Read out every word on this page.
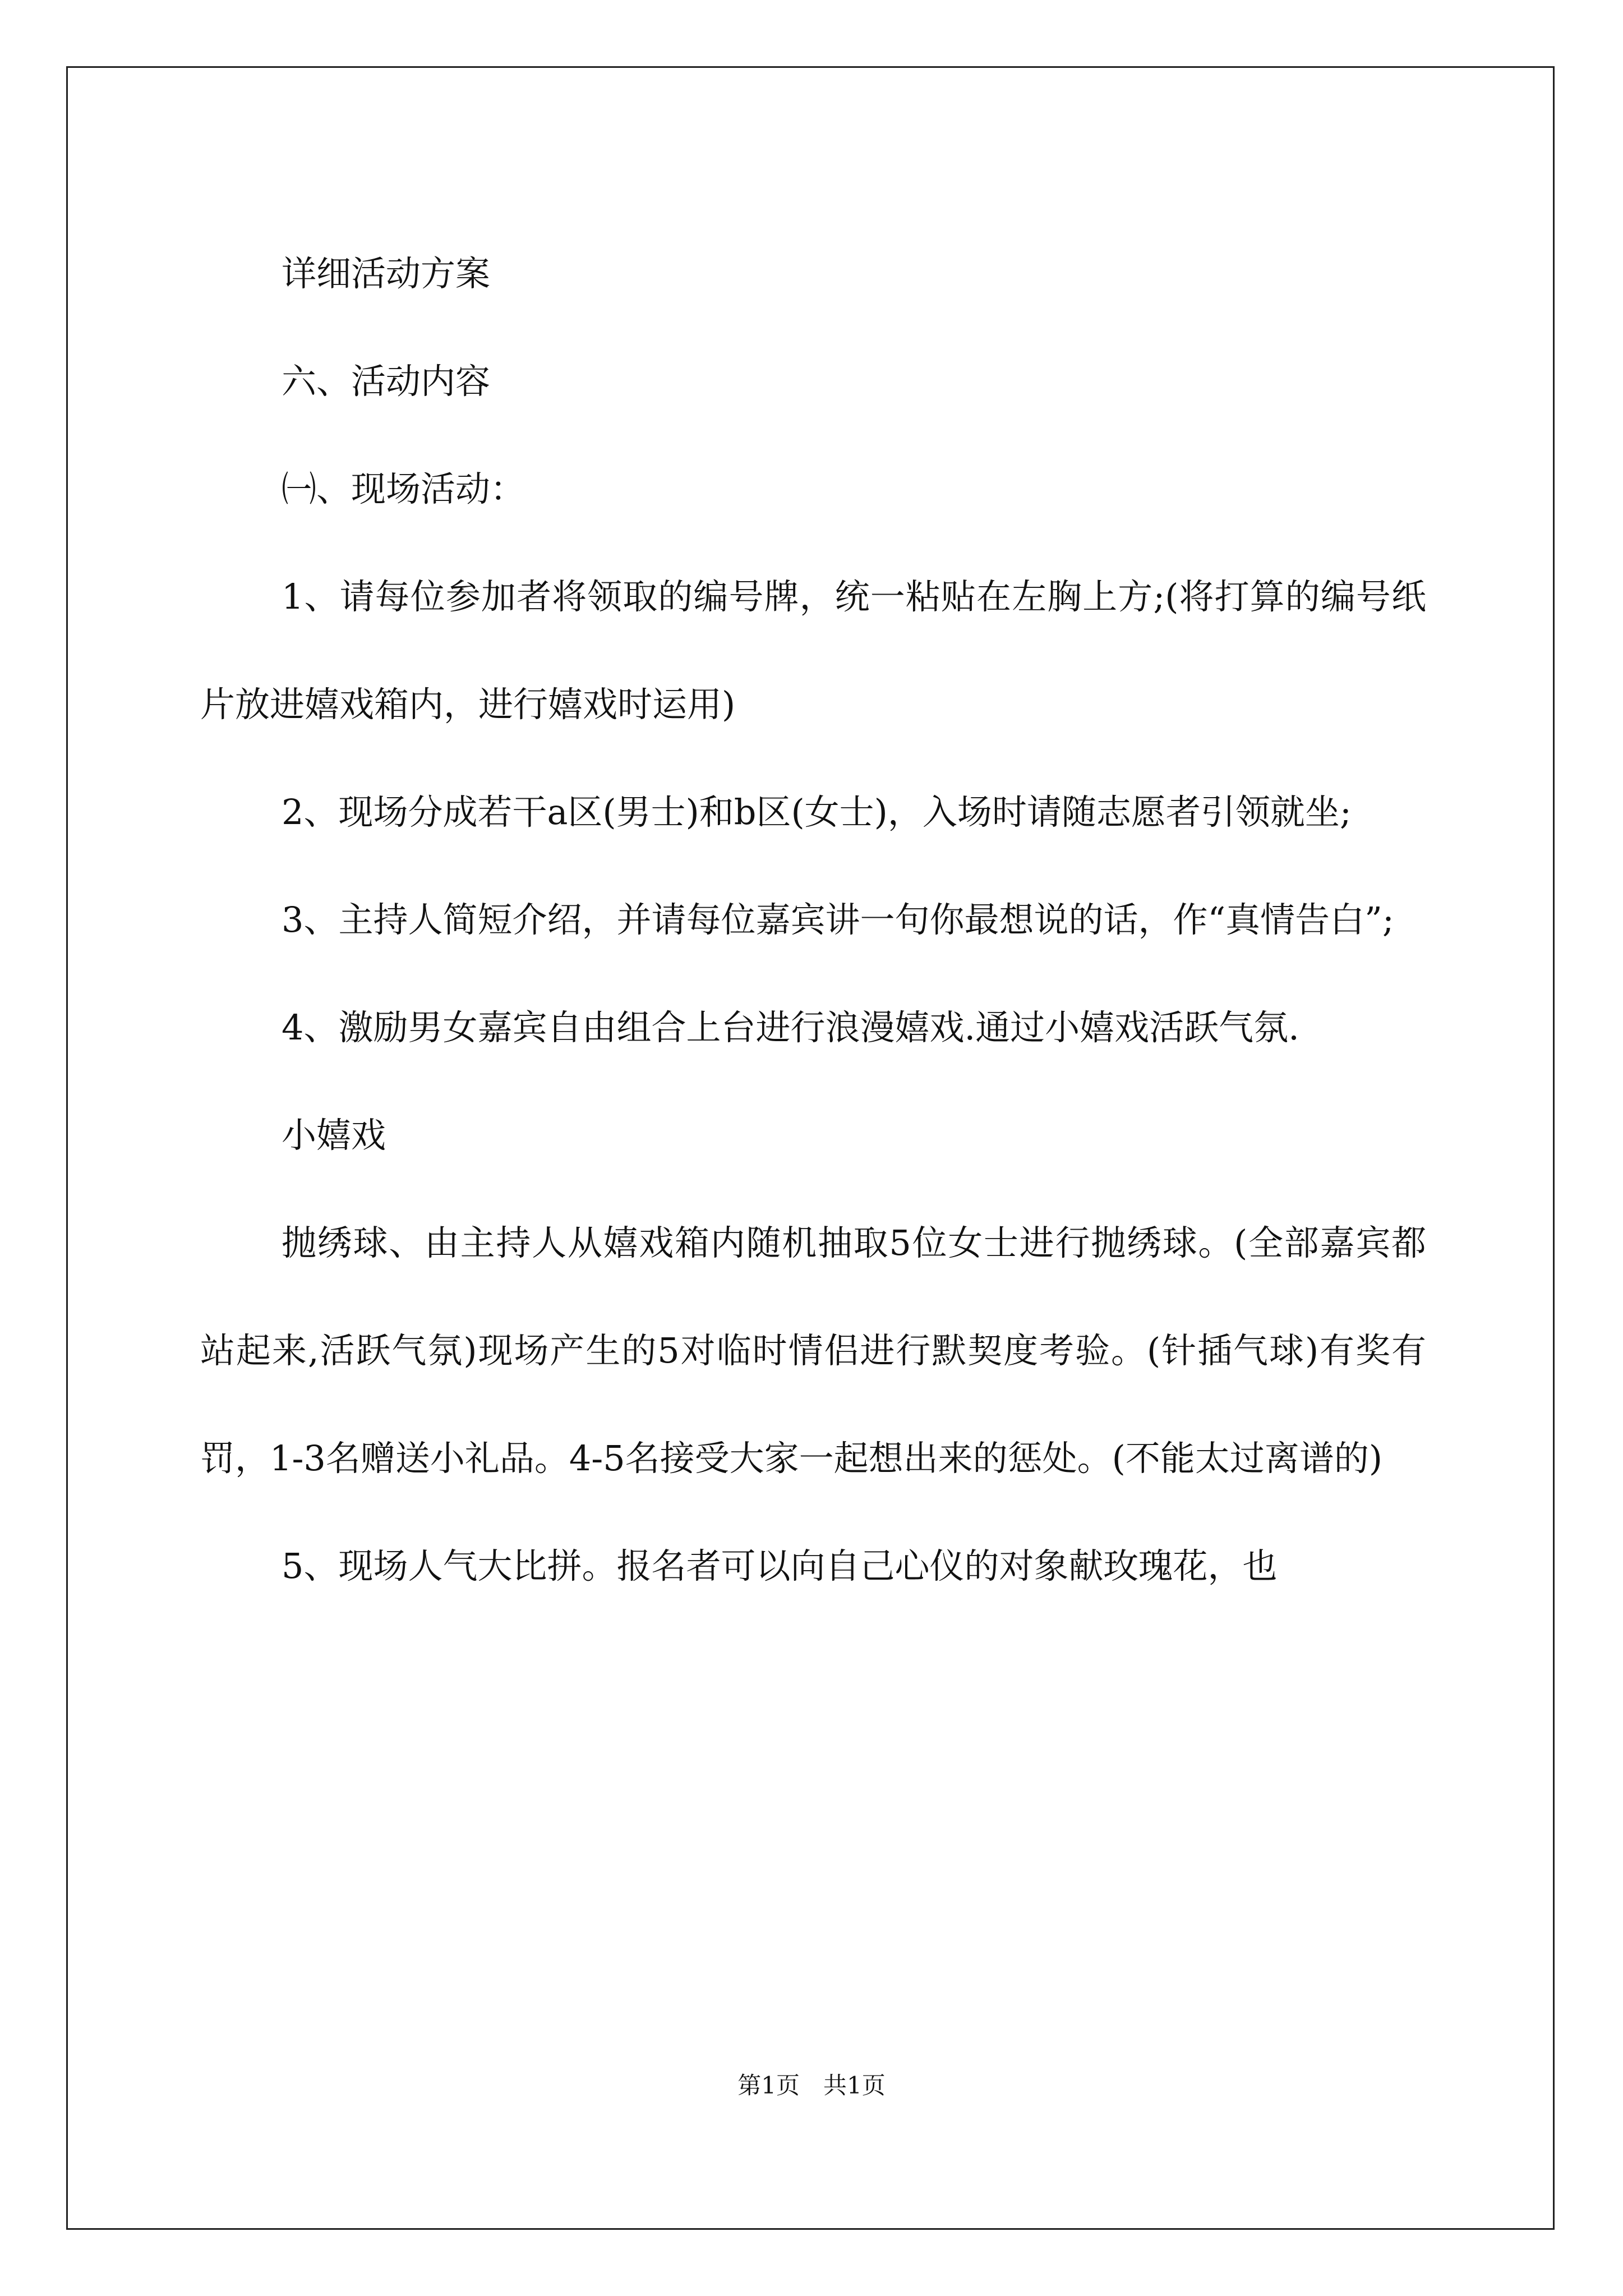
详细活动方案

六、活动内容

㈠、现场活动：

1、请每位参加者将领取的编号牌，统一粘贴在左胸上方;(将打算的编号纸片放进嬉戏箱内，进行嬉戏时运用)

2、现场分成若干a区(男士)和b区(女士)，入场时请随志愿者引领就坐;

3、主持人简短介绍，并请每位嘉宾讲一句你最想说的话，作“真情告白”;

4、激励男女嘉宾自由组合上台进行浪漫嬉戏.通过小嬉戏活跃气氛.

小嬉戏

抛绣球、由主持人从嬉戏箱内随机抽取5位女士进行抛绣球。(全部嘉宾都站起来,活跃气氛)现场产生的5对临时情侣进行默契度考验。(针插气球)有奖有罚，1-3名赠送小礼品。4-5名接受大家一起想出来的惩处。(不能太过离谱的)

5、现场人气大比拼。报名者可以向自己心仪的对象献玫瑰花，也

第1页　共1页
